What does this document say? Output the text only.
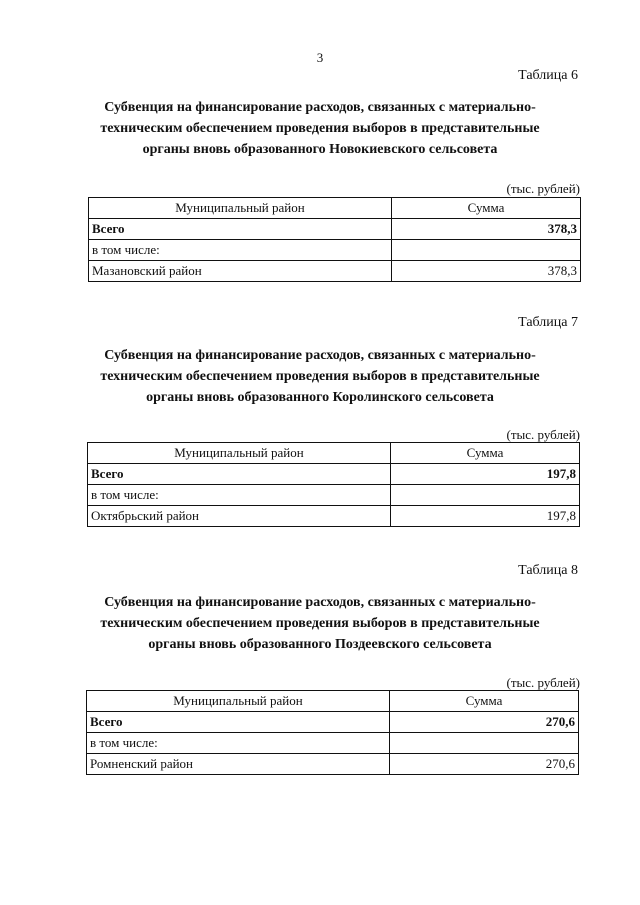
3
Таблица 6
Субвенция на финансирование расходов, связанных с материально-
техническим обеспечением проведения выборов в представительные
органы вновь образованного Новокиевского сельсовета
(тыс. рублей)
Муниципальный район	Сумма
Всего	378,3
в том числе:	
Мазановский район	378,3
Таблица 7
Субвенция на финансирование расходов, связанных с материально-
техническим обеспечением проведения выборов в представительные
органы вновь образованного Королинского сельсовета
(тыс. рублей)
Муниципальный район	Сумма
Всего	197,8
в том числе:	
Октябрьский район	197,8
Таблица 8
Субвенция на финансирование расходов, связанных с материально-
техническим обеспечением проведения выборов в представительные
органы вновь образованного Поздеевского сельсовета
(тыс. рублей)
Муниципальный район	Сумма
Всего	270,6
в том числе:	
Ромненский район	270,6
